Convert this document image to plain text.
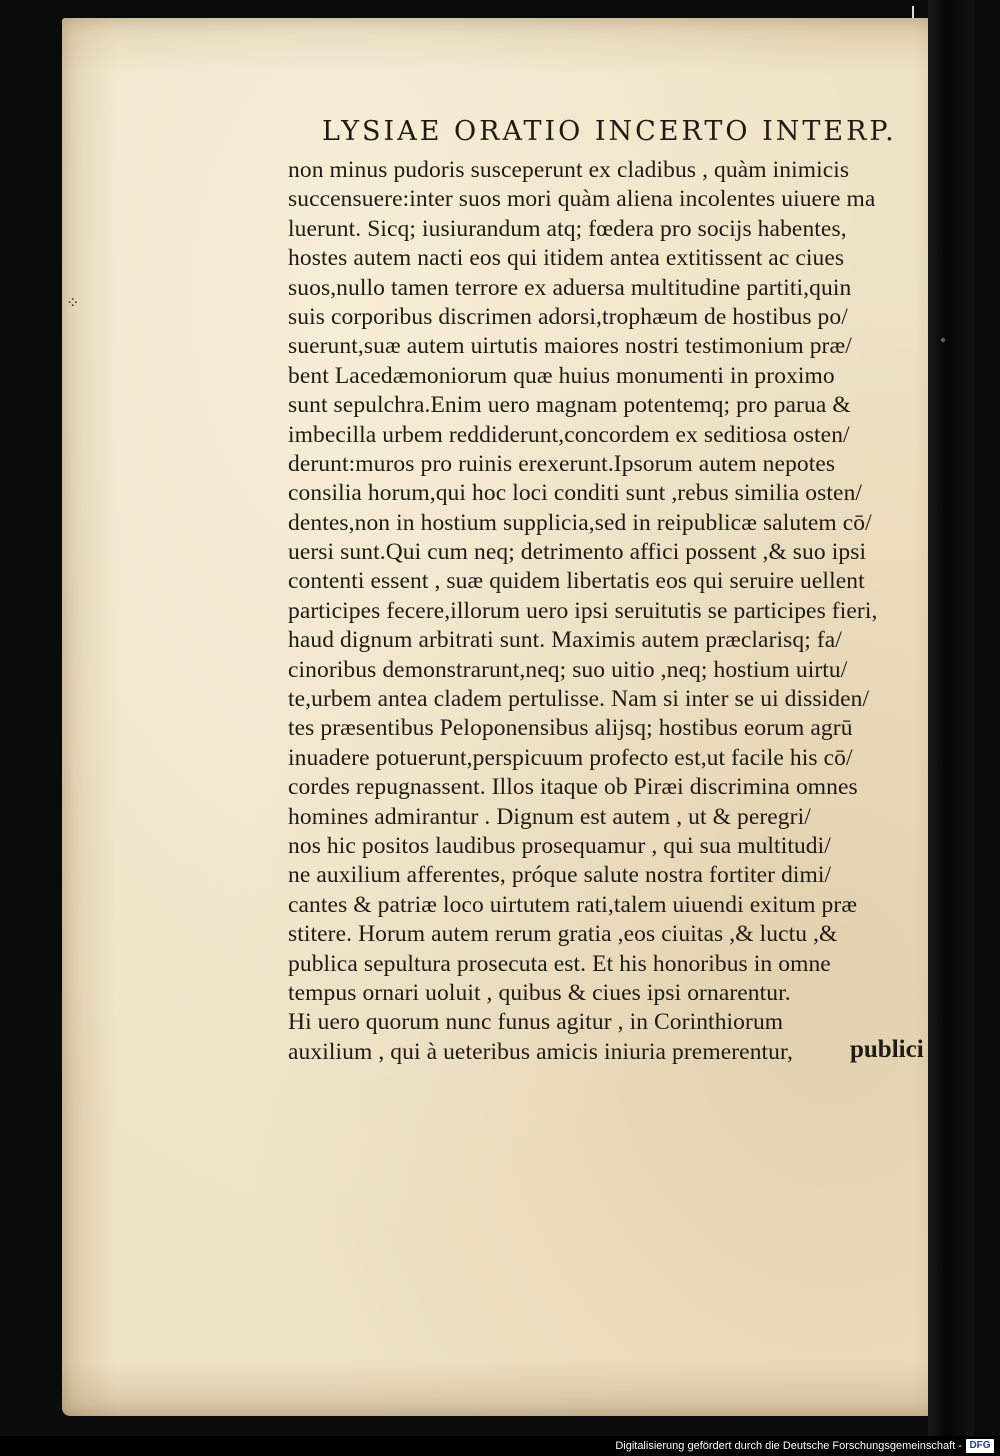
⁘
LYSIAE ORATIO INCERTO INTERP.
non minus pudoris susceperunt ex cladibus , quàm inimicis
succensuere:inter suos mori quàm aliena incolentes uiuere ma
luerunt. Sicq; iusiurandum atq; fœdera pro socijs habentes,
hostes autem nacti eos qui itidem antea extitissent ac ciues
suos,nullo tamen terrore ex aduersa multitudine partiti,quin
suis corporibus discrimen adorsi,trophæum de hostibus po/
suerunt,suæ autem uirtutis maiores nostri testimonium præ/
bent Lacedæmoniorum quæ huius monumenti in proximo
sunt sepulchra.Enim uero magnam potentemq; pro parua &
imbecilla urbem reddiderunt,concordem ex seditiosa osten/
derunt:muros pro ruinis erexerunt.Ipsorum autem nepotes
consilia horum,qui hoc loci conditi sunt ,rebus similia osten/
dentes,non in hostium supplicia,sed in reipublicæ salutem cō/
uersi sunt.Qui cum neq; detrimento affici possent ,& suo ipsi
contenti essent , suæ quidem libertatis eos qui seruire uellent
participes fecere,illorum uero ipsi seruitutis se participes fieri,
haud dignum arbitrati sunt. Maximis autem præclarisq; fa/
cinoribus demonstrarunt,neq; suo uitio ,neq; hostium uirtu/
te,urbem antea cladem pertulisse. Nam si inter se ui dissiden/
tes præsentibus Peloponensibus alijsq; hostibus eorum agrū
inuadere potuerunt,perspicuum profecto est,ut facile his cō/
cordes repugnassent. Illos itaque ob Piræi discrimina omnes
homines admirantur . Dignum est autem , ut & peregri/
nos hic positos laudibus prosequamur , qui sua multitudi/
ne auxilium afferentes, próque salute nostra fortiter dimi/
cantes & patriæ loco uirtutem rati,talem uiuendi exitum præ
stitere. Horum autem rerum gratia ,eos ciuitas ,& luctu ,&
publica sepultura prosecuta est. Et his honoribus in omne
tempus ornari uoluit , quibus & ciues ipsi ornarentur.
Hi uero quorum nunc funus agitur , in Corinthiorum
auxilium , qui à ueteribus amicis iniuria premerentur,	publici
Digitalisierung gefördert durch die Deutsche Forschungsgemeinschaft - DFG
